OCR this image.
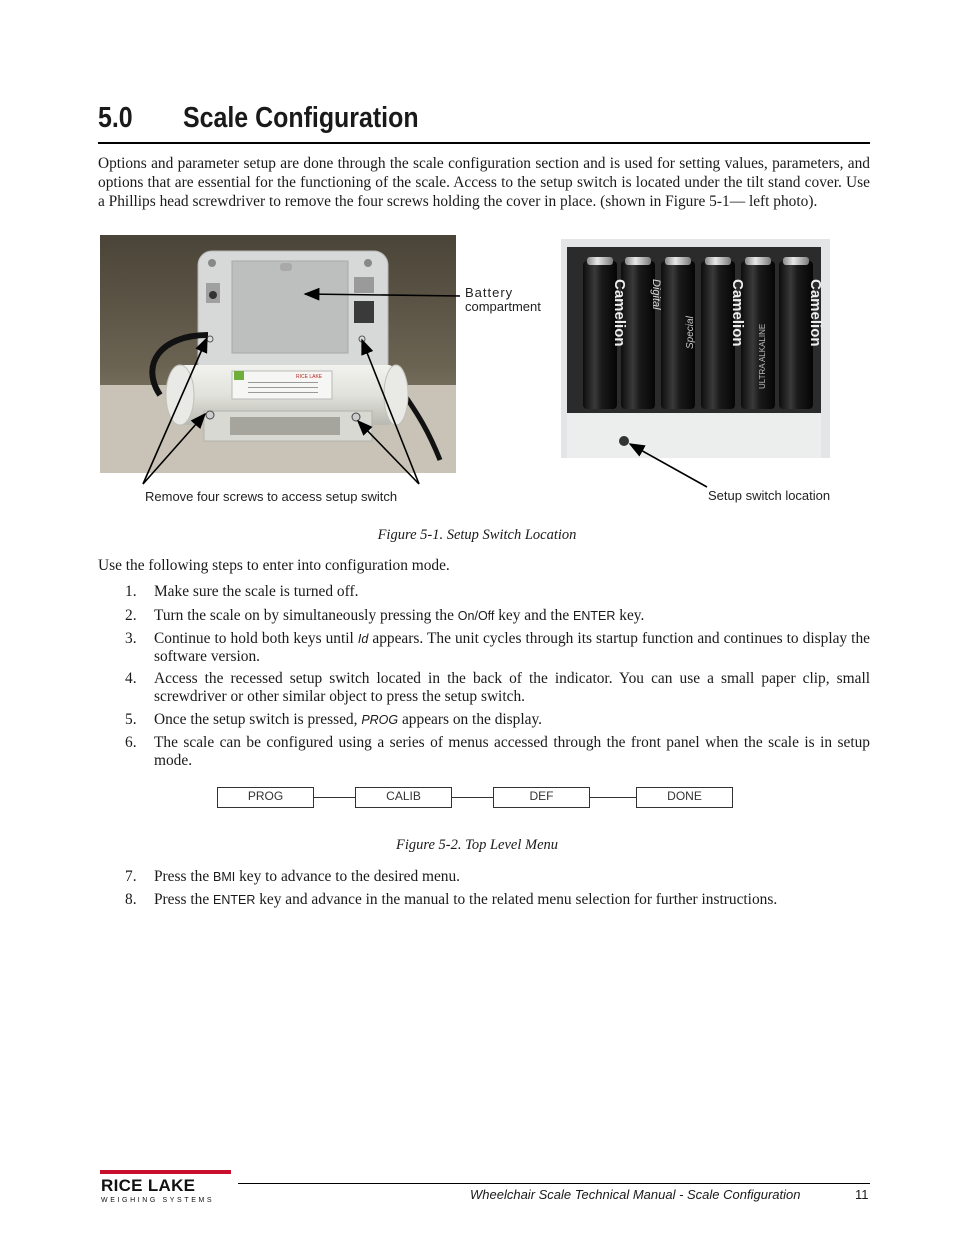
5.0 Scale Configuration
Options and parameter setup are done through the scale configuration section and is used for setting values, parameters, and options that are essential for the functioning of the scale. Access to the setup switch is located under the tilt stand cover. Use a Phillips head screwdriver to remove the four screws holding the cover in place. (shown in Figure 5-1— left photo).
RICE LAKE
Camelion Digital
Special Camelion
ULTRA ALKALINE
Camelion
Battery
compartment
Remove four screws to access setup switch	Setup switch location
Figure 5-1. Setup Switch Location
Use the following steps to enter into configuration mode.
1. Make sure the scale is turned off.
2. Turn the scale on by simultaneously pressing the On/Off key and the ENTER key.
3. Continue to hold both keys until Id appears. The unit cycles through its startup function and continues to display the software version.
4. Access the recessed setup switch located in the back of the indicator. You can use a small paper clip, small screwdriver or other similar object to press the setup switch.
5. Once the setup switch is pressed, PROG appears on the display.
6. The scale can be configured using a series of menus accessed through the front panel when the scale is in setup mode.
PROG	CALIB	DEF	DONE
Figure 5-2. Top Level Menu
7. Press the BMI key to advance to the desired menu.
8. Press the ENTER key and advance in the manual to the related menu selection for further instructions.
RICE LAKE
WEIGHING SYSTEMS	Wheelchair Scale Technical Manual - Scale Configuration	11
